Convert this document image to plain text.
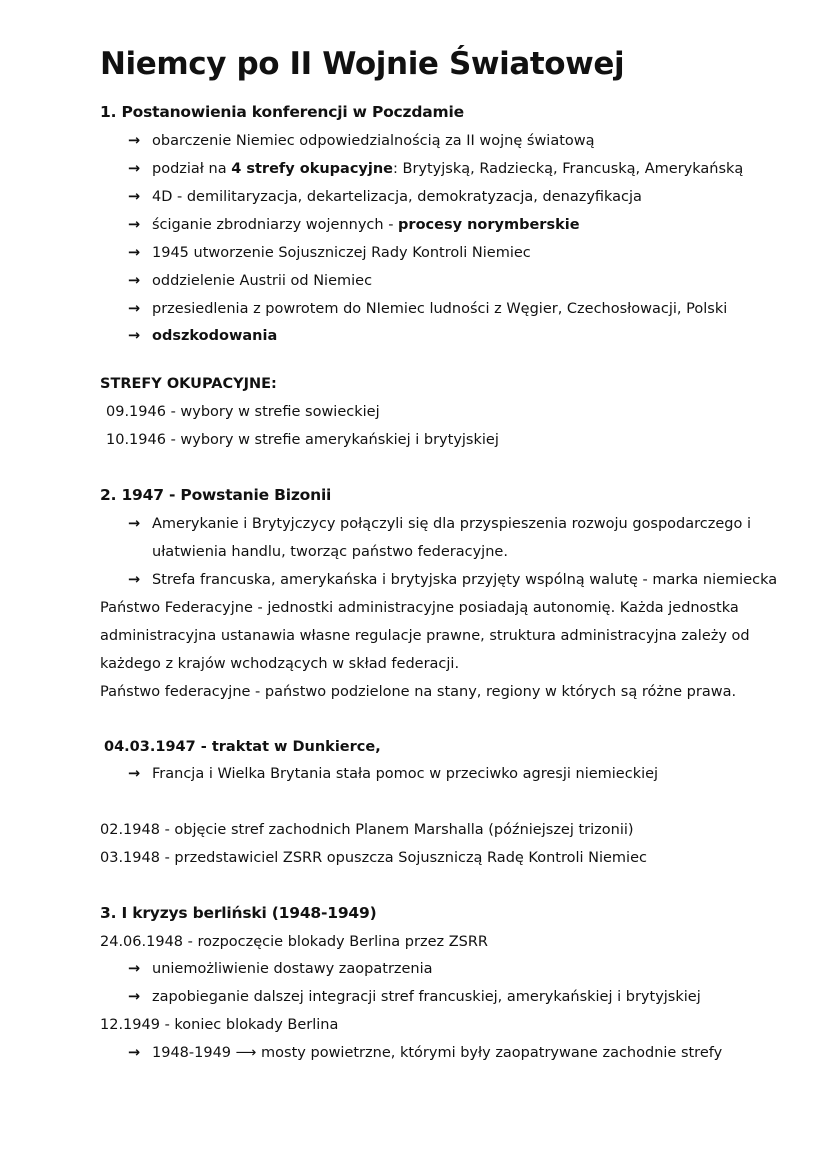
Niemcy po II Wojnie Światowej
1. Postanowienia konferencji w Poczdamie
→ obarczenie Niemiec odpowiedzialnością za II wojnę światową
→ podział na 4 strefy okupacyjne: Brytyjską, Radziecką, Francuską, Amerykańską
→ 4D - demilitaryzacja, dekartelizacja, demokratyzacja, denazyfikacja
→ ściganie zbrodniarzy wojennych - procesy norymberskie
→ 1945 utworzenie Sojuszniczej Rady Kontroli Niemiec
→ oddzielenie Austrii od Niemiec
→ przesiedlenia z powrotem do NIemiec ludności z Węgier, Czechosłowacji, Polski
→ odszkodowania
STREFY OKUPACYJNE:
09.1946 - wybory w strefie sowieckiej
10.1946 - wybory w strefie amerykańskiej i brytyjskiej
2. 1947 - Powstanie Bizonii
→ Amerykanie i Brytyjczycy połączyli się dla przyspieszenia rozwoju gospodarczego i
ułatwienia handlu, tworząc państwo federacyjne.
→ Strefa francuska, amerykańska i brytyjska przyjęty wspólną walutę - marka niemiecka
Państwo Federacyjne - jednostki administracyjne posiadają autonomię. Każda jednostka
administracyjna ustanawia własne regulacje prawne, struktura administracyjna zależy od
każdego z krajów wchodzących w skład federacji.
Państwo federacyjne - państwo podzielone na stany, regiony w których są różne prawa.
04.03.1947 - traktat w Dunkierce,
→ Francja i Wielka Brytania stała pomoc w przeciwko agresji niemieckiej
02.1948 - objęcie stref zachodnich Planem Marshalla (późniejszej trizonii)
03.1948 - przedstawiciel ZSRR opuszcza Sojuszniczą Radę Kontroli Niemiec
3. I kryzys berliński (1948-1949)
24.06.1948 - rozpoczęcie blokady Berlina przez ZSRR
→ uniemożliwienie dostawy zaopatrzenia
→ zapobieganie dalszej integracji stref francuskiej, amerykańskiej i brytyjskiej
12.1949 - koniec blokady Berlina
→ 1948-1949 ⟶ mosty powietrzne, którymi były zaopatrywane zachodnie strefy
